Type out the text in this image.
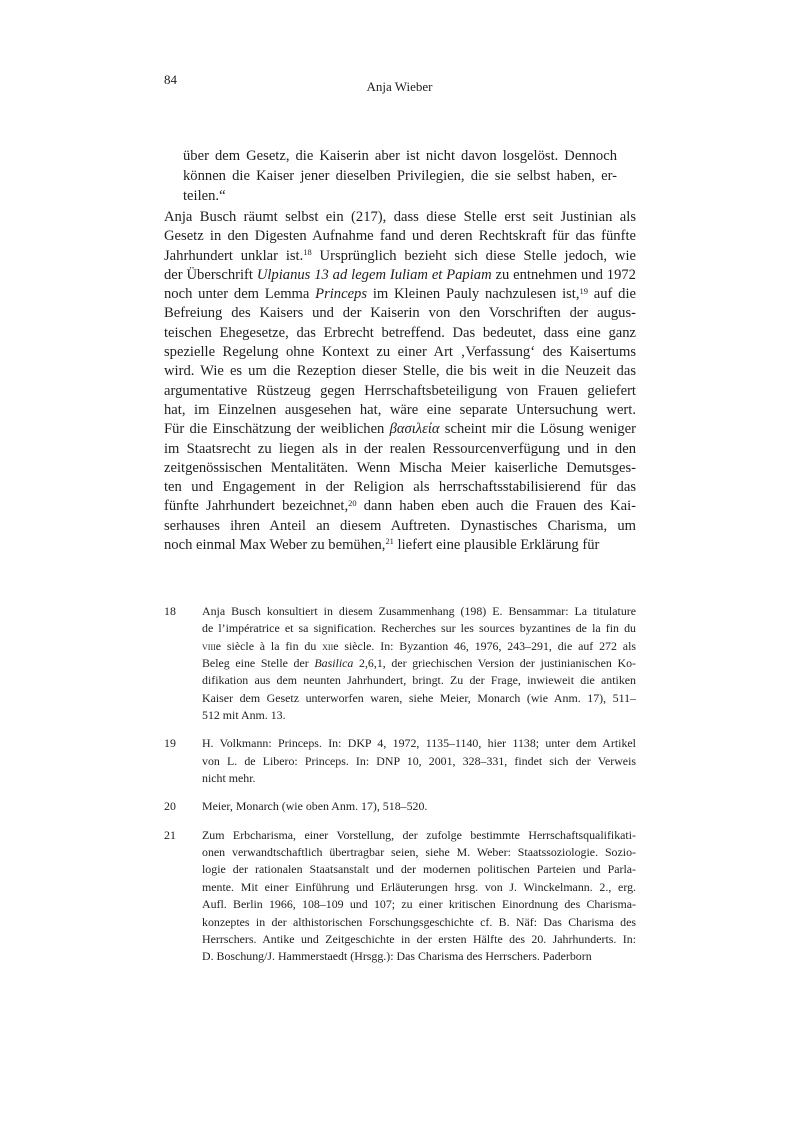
84	Anja Wieber
über dem Gesetz, die Kaiserin aber ist nicht davon losgelöst. Dennoch
können die Kaiser jener dieselben Privilegien, die sie selbst haben, er-
teilen.“
Anja Busch räumt selbst ein (217), dass diese Stelle erst seit Justinian als
Gesetz in den Digesten Aufnahme fand und deren Rechtskraft für das fünfte
Jahrhundert unklar ist.$^{18}$ Ursprünglich bezieht sich diese Stelle jedoch, wie
der Überschrift Ulpianus 13 ad legem Iuliam et Papiam zu entnehmen und 1972
noch unter dem Lemma Princeps im Kleinen Pauly nachzulesen ist,$^{19}$ auf die
Befreiung des Kaisers und der Kaiserin von den Vorschriften der augus-
teischen Ehegesetze, das Erbrecht betreffend. Das bedeutet, dass eine ganz
spezielle Regelung ohne Kontext zu einer Art ‚Verfassung‘ des Kaisertums
wird. Wie es um die Rezeption dieser Stelle, die bis weit in die Neuzeit das
argumentative Rüstzeug gegen Herrschaftsbeteiligung von Frauen geliefert
hat, im Einzelnen ausgesehen hat, wäre eine separate Untersuchung wert.
Für die Einschätzung der weiblichen βασιλεία scheint mir die Lösung weniger
im Staatsrecht zu liegen als in der realen Ressourcenverfügung und in den
zeitgenössischen Mentalitäten. Wenn Mischa Meier kaiserliche Demutsges-
ten und Engagement in der Religion als herrschaftsstabilisierend für das
fünfte Jahrhundert bezeichnet,$^{20}$ dann haben eben auch die Frauen des Kai-
serhauses ihren Anteil an diesem Auftreten. Dynastisches Charisma, um
noch einmal Max Weber zu bemühen,$^{21}$ liefert eine plausible Erklärung für
18 Anja Busch konsultiert in diesem Zusammenhang (198) E. Bensammar: La titulature
de l’impératrice et sa signification. Recherches sur les sources byzantines de la fin du
viiie siècle à la fin du xiie siècle. In: Byzantion 46, 1976, 243–291, die auf 272 als
Beleg eine Stelle der Basilica 2,6,1, der griechischen Version der justinianischen Ko-
difikation aus dem neunten Jahrhundert, bringt. Zu der Frage, inwieweit die antiken
Kaiser dem Gesetz unterworfen waren, siehe Meier, Monarch (wie Anm. 17), 511–
512 mit Anm. 13.
19 H. Volkmann: Princeps. In: DKP 4, 1972, 1135–1140, hier 1138; unter dem Artikel
von L. de Libero: Princeps. In: DNP 10, 2001, 328–331, findet sich der Verweis
nicht mehr.
20 Meier, Monarch (wie oben Anm. 17), 518–520.
21 Zum Erbcharisma, einer Vorstellung, der zufolge bestimmte Herrschaftsqualifikati-
onen verwandtschaftlich übertragbar seien, siehe M. Weber: Staatssoziologie. Sozio-
logie der rationalen Staatsanstalt und der modernen politischen Parteien und Parla-
mente. Mit einer Einführung und Erläuterungen hrsg. von J. Winckelmann. 2., erg.
Aufl. Berlin 1966, 108–109 und 107; zu einer kritischen Einordnung des Charisma-
konzeptes in der althistorischen Forschungsgeschichte cf. B. Näf: Das Charisma des
Herrschers. Antike und Zeitgeschichte in der ersten Hälfte des 20. Jahrhunderts. In:
D. Boschung/J. Hammerstaedt (Hrsgg.): Das Charisma des Herrschers. Paderborn
